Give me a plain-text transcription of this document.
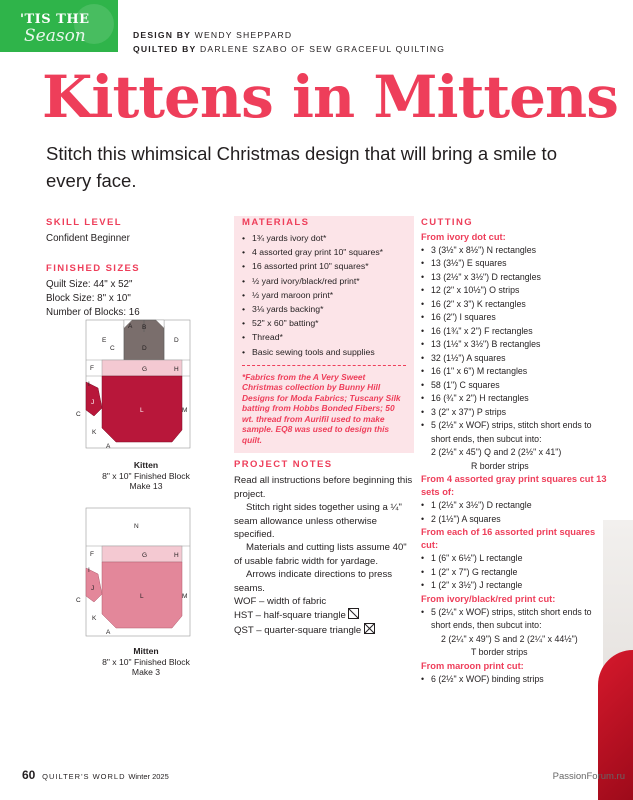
'TIS THE
Season	DESIGN BY WENDY SHEPPARD
QUILTED BY DARLENE SZABO OF SEW GRACEFUL QUILTING
Kittens in Mittens
Stitch this whimsical Christmas design that will bring a smile to every face.
SKILL LEVEL
Confident Beginner
FINISHED SIZES
Quilt Size: 44" x 52"
Block Size: 8" x 10"
Number of Blocks: 16
A B
C	D
E	D
F	G	H
I
J
C
K
L	M
A
Kitten
8" x 10" Finished Block
Make 13
N
F	G	H
I
J
C
K
L	M
A
Mitten
8" x 10" Finished Block
Make 3
MATERIALS
• 1¾ yards ivory dot*
• 4 assorted gray print 10" squares*
• 16 assorted print 10" squares*
• ½ yard ivory/black/red print*
• ½ yard maroon print*
• 3⅛ yards backing*
• 52" x 60" batting*
• Thread*
• Basic sewing tools and supplies
*Fabrics from the A Very Sweet Christmas collection by Bunny Hill Designs for Moda Fabrics; Tuscany Silk batting from Hobbs Bonded Fibers; 50 wt. thread from Aurifil used to make sample. EQ8 was used to design this quilt.
PROJECT NOTES

Read all instructions before beginning this project.

Stitch right sides together using a ¼" seam allowance unless otherwise specified.

Materials and cutting lists assume 40" of usable fabric width for yardage.

Arrows indicate directions to press seams.

WOF – width of fabric

HST – half-square triangle

QST – quarter-square triangle

CUTTING
From ivory dot cut:
• 3 (3½" x 8½") N rectangles
• 13 (3½") E squares
• 13 (2½" x 3½") D rectangles
• 12 (2" x 10½") O strips
• 16 (2" x 3") K rectangles
• 16 (2") I squares
• 16 (1¾" x 2") F rectangles
• 13 (1½" x 3½") B rectangles
• 32 (1½") A squares
• 16 (1" x 6") M rectangles
• 58 (1") C squares
• 16 (¾" x 2") H rectangles
• 3 (2" x 37") P strips
• 5 (2½" x WOF) strips, stitch short ends to short ends, then subcut into:
2 (2½" x 45") Q and 2 (2½" x 41")
R border strips
From 4 assorted gray print squares cut 13 sets of:
• 1 (2½" x 3½") D rectangle
• 2 (1½") A squares
From each of 16 assorted print squares cut:
• 1 (6" x 6½") L rectangle
• 1 (2" x 7") G rectangle
• 1 (2" x 3½") J rectangle
From ivory/black/red print cut:
• 5 (2¼" x WOF) strips, stitch short ends to short ends, then subcut into:
2 (2¼" x 49") S and 2 (2¼" x 44½")
T border strips
From maroon print cut:
• 6 (2½" x WOF) binding strips
60 QUILTER'S WORLD Winter 2025	PassionForum.ru
